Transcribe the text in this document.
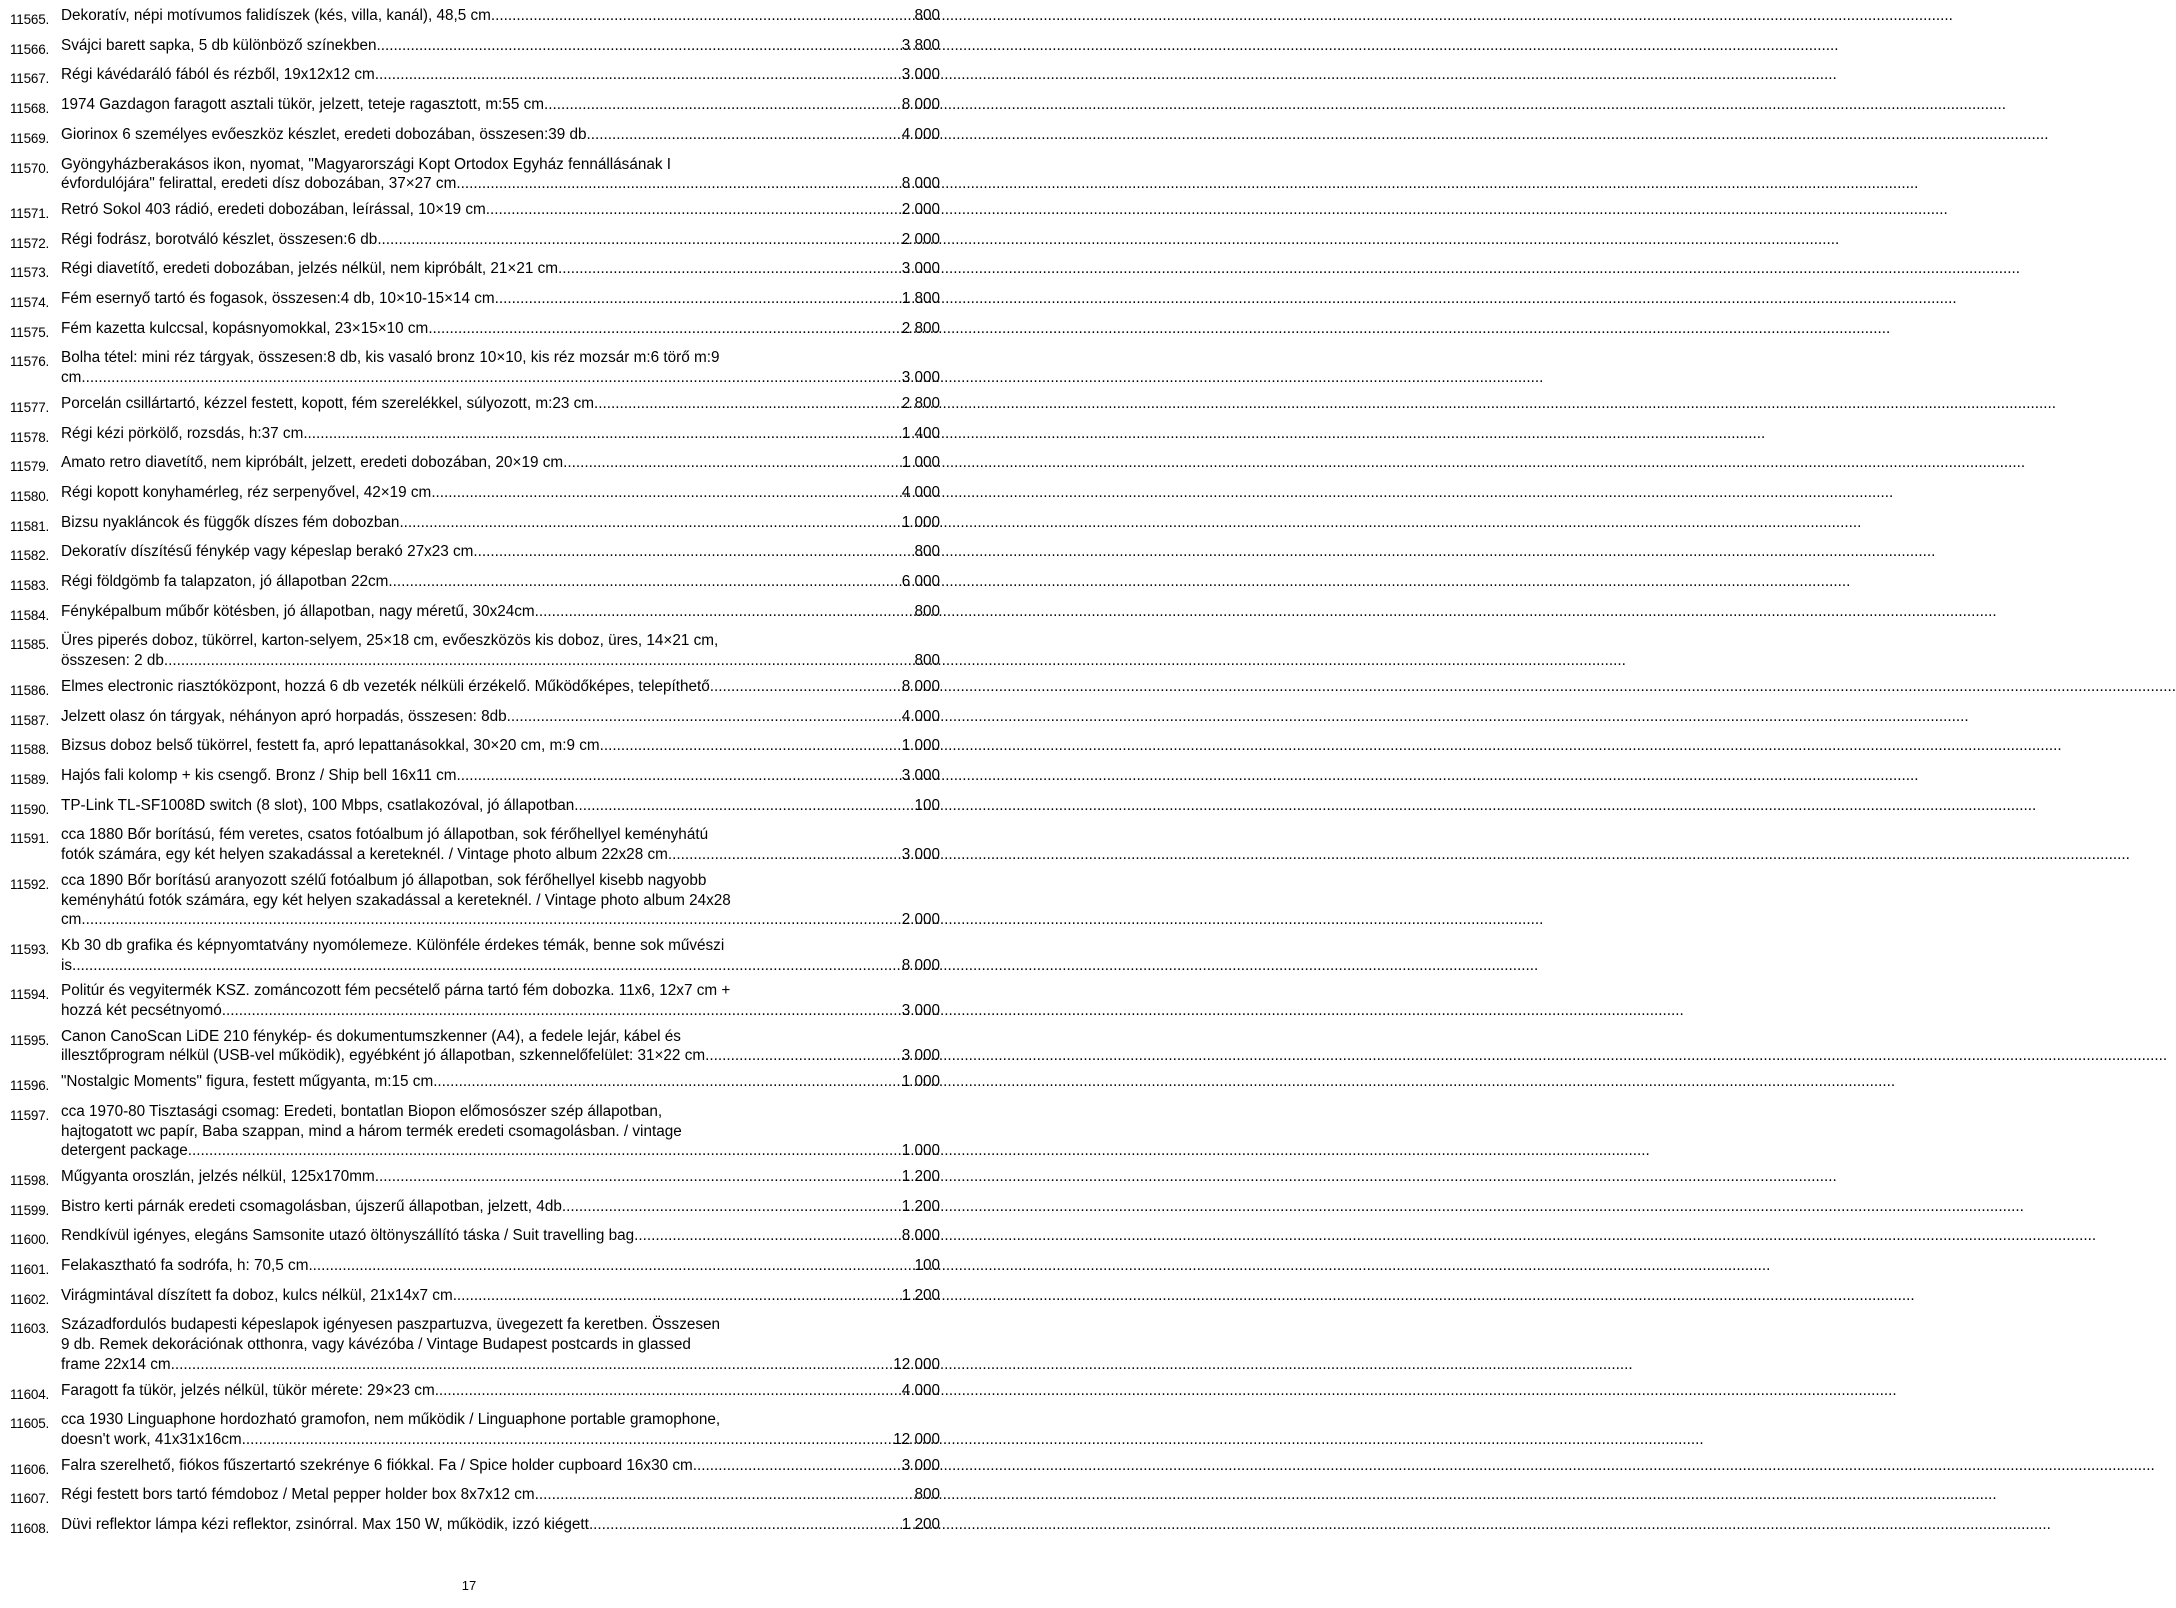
11565. Dekoratív, népi motívumos falidíszek (kés, villa, kanál), 48,5 cm .....	800
11566. Svájci barett sapka, 5 db különböző színekben .....	3 800
11567. Régi kávédaráló fából és rézből, 19x12x12 cm .....	3 000
11568. 1974 Gazdagon faragott asztali tükör, jelzett, teteje ragasztott, m:55 cm .....	8 000
11569. Giorinox 6 személyes evőeszköz készlet, eredeti dobozában, összesen:39 db .....	4 000
11570. Gyöngyházberakásos ikon, nyomat, "Magyarországi Kopt Ortodox Egyház fennállásának I
évfordulójára" felirattal, eredeti dísz dobozában, 37×27 cm .....	8 000
11571. Retró Sokol 403 rádió, eredeti dobozában, leírással, 10×19 cm .....	2 000
11572. Régi fodrász, borotváló készlet, összesen:6 db .....	2 000
11573. Régi diavetítő, eredeti dobozában, jelzés nélkül, nem kipróbált, 21×21 cm .....	3 000
11574. Fém esernyő tartó és fogasok, összesen:4 db, 10×10-15×14 cm .....	1 800
11575. Fém kazetta kulccsal, kopásnyomokkal, 23×15×10 cm .....	2 800
11576. Bolha tétel: mini réz tárgyak, összesen:8 db, kis vasaló bronz 10×10, kis réz mozsár m:6 törő m:9
cm .....	3 000
11577. Porcelán csillártartó, kézzel festett, kopott, fém szerelékkel, súlyozott, m:23 cm .....	2 800
11578. Régi kézi pörkölő, rozsdás, h:37 cm .....	1 400
11579. Amato retro diavetítő, nem kipróbált, jelzett, eredeti dobozában, 20×19 cm .....	1 000
11580. Régi kopott konyhamérleg, réz serpenyővel, 42×19 cm .....	4 000
11581. Bizsu nyakláncok és függők díszes fém dobozban .....	1 000
11582. Dekoratív díszítésű fénykép vagy képeslap berakó 27x23 cm .....	800
11583. Régi földgömb fa talapzaton, jó állapotban 22cm .....	6 000
11584. Fényképalbum műbőr kötésben, jó állapotban, nagy méretű, 30x24cm .....	800
11585. Üres piperés doboz, tükörrel, karton-selyem, 25×18 cm, evőeszközös kis doboz, üres, 14×21 cm,
összesen: 2 db .....	800
11586. Elmes electronic riasztóközpont, hozzá 6 db vezeték nélküli érzékelő. Működőképes, telepíthető. .....	8 000
11587. Jelzett olasz ón tárgyak, néhányon apró horpadás, összesen: 8db .....	4 000
11588. Bizsus doboz belső tükörrel, festett fa, apró lepattanásokkal, 30×20 cm, m:9 cm .....	1 000
11589. Hajós fali kolomp + kis csengő. Bronz / Ship bell 16x11 cm .....	3 000
11590. TP-Link TL-SF1008D switch (8 slot), 100 Mbps, csatlakozóval, jó állapotban .....	100
11591. cca 1880 Bőr borítású, fém veretes, csatos fotóalbum jó állapotban, sok férőhellyel keményhátú
fotók számára, egy két helyen szakadással a kereteknél. / Vintage photo album 22x28 cm .....	3 000
11592. cca 1890 Bőr borítású aranyozott szélű fotóalbum jó állapotban, sok férőhellyel kisebb nagyobb
keményhátú fotók számára, egy két helyen szakadással a kereteknél. / Vintage photo album 24x28
cm .....	2 000
11593. Kb 30 db grafika és képnyomtatvány nyomólemeze. Különféle érdekes témák, benne sok művészi
is. .....	8 000
11594. Politúr és vegyitermék KSZ. zománcozott fém pecsételő párna tartó fém dobozka. 11x6, 12x7 cm +
hozzá két pecsétnyomó .....	3 000
11595. Canon CanoScan LiDE 210 fénykép- és dokumentumszkenner (A4), a fedele lejár, kábel és
illesztőprogram nélkül (USB-vel működik), egyébként jó állapotban, szkennelőfelület: 31×22 cm .....	3 000
11596. "Nostalgic Moments" figura, festett műgyanta, m:15 cm .....	1 000
11597. cca 1970-80 Tisztasági csomag: Eredeti, bontatlan Biopon előmosószer szép állapotban,
hajtogatott wc papír, Baba szappan, mind a három termék eredeti csomagolásban. / vintage
detergent package .....	1 000
11598. Műgyanta oroszlán, jelzés nélkül, 125x170mm .....	1 200
11599. Bistro kerti párnák eredeti csomagolásban, újszerű állapotban, jelzett, 4db .....	1 200
11600. Rendkívül igényes, elegáns Samsonite utazó öltönyszállító táska / Suit travelling bag .....	8 000
11601. Felakasztható fa sodrófa, h: 70,5 cm .....	100
11602. Virágmintával díszített fa doboz, kulcs nélkül, 21x14x7 cm .....	1 200
11603. Századfordulós budapesti képeslapok igényesen paszpartuzva, üvegezett fa keretben. Összesen
9 db. Remek dekorációnak otthonra, vagy kávézóba / Vintage Budapest postcards in glassed
frame 22x14 cm .....	12 000
11604. Faragott fa tükör, jelzés nélkül, tükör mérete: 29×23 cm .....	4 000
11605. cca 1930 Linguaphone hordozható gramofon, nem működik / Linguaphone portable gramophone,
doesn't work, 41x31x16cm .....	12 000
11606. Falra szerelhető, fiókos fűszertartó szekrénye 6 fiókkal. Fa / Spice holder cupboard 16x30 cm .....	3 000
11607. Régi festett bors tartó fémdoboz / Metal pepper holder box 8x7x12 cm .....	800
11608. Düvi reflektor lámpa kézi reflektor, zsinórral. Max 150 W, működik, izzó kiégett .....	1 200
17
